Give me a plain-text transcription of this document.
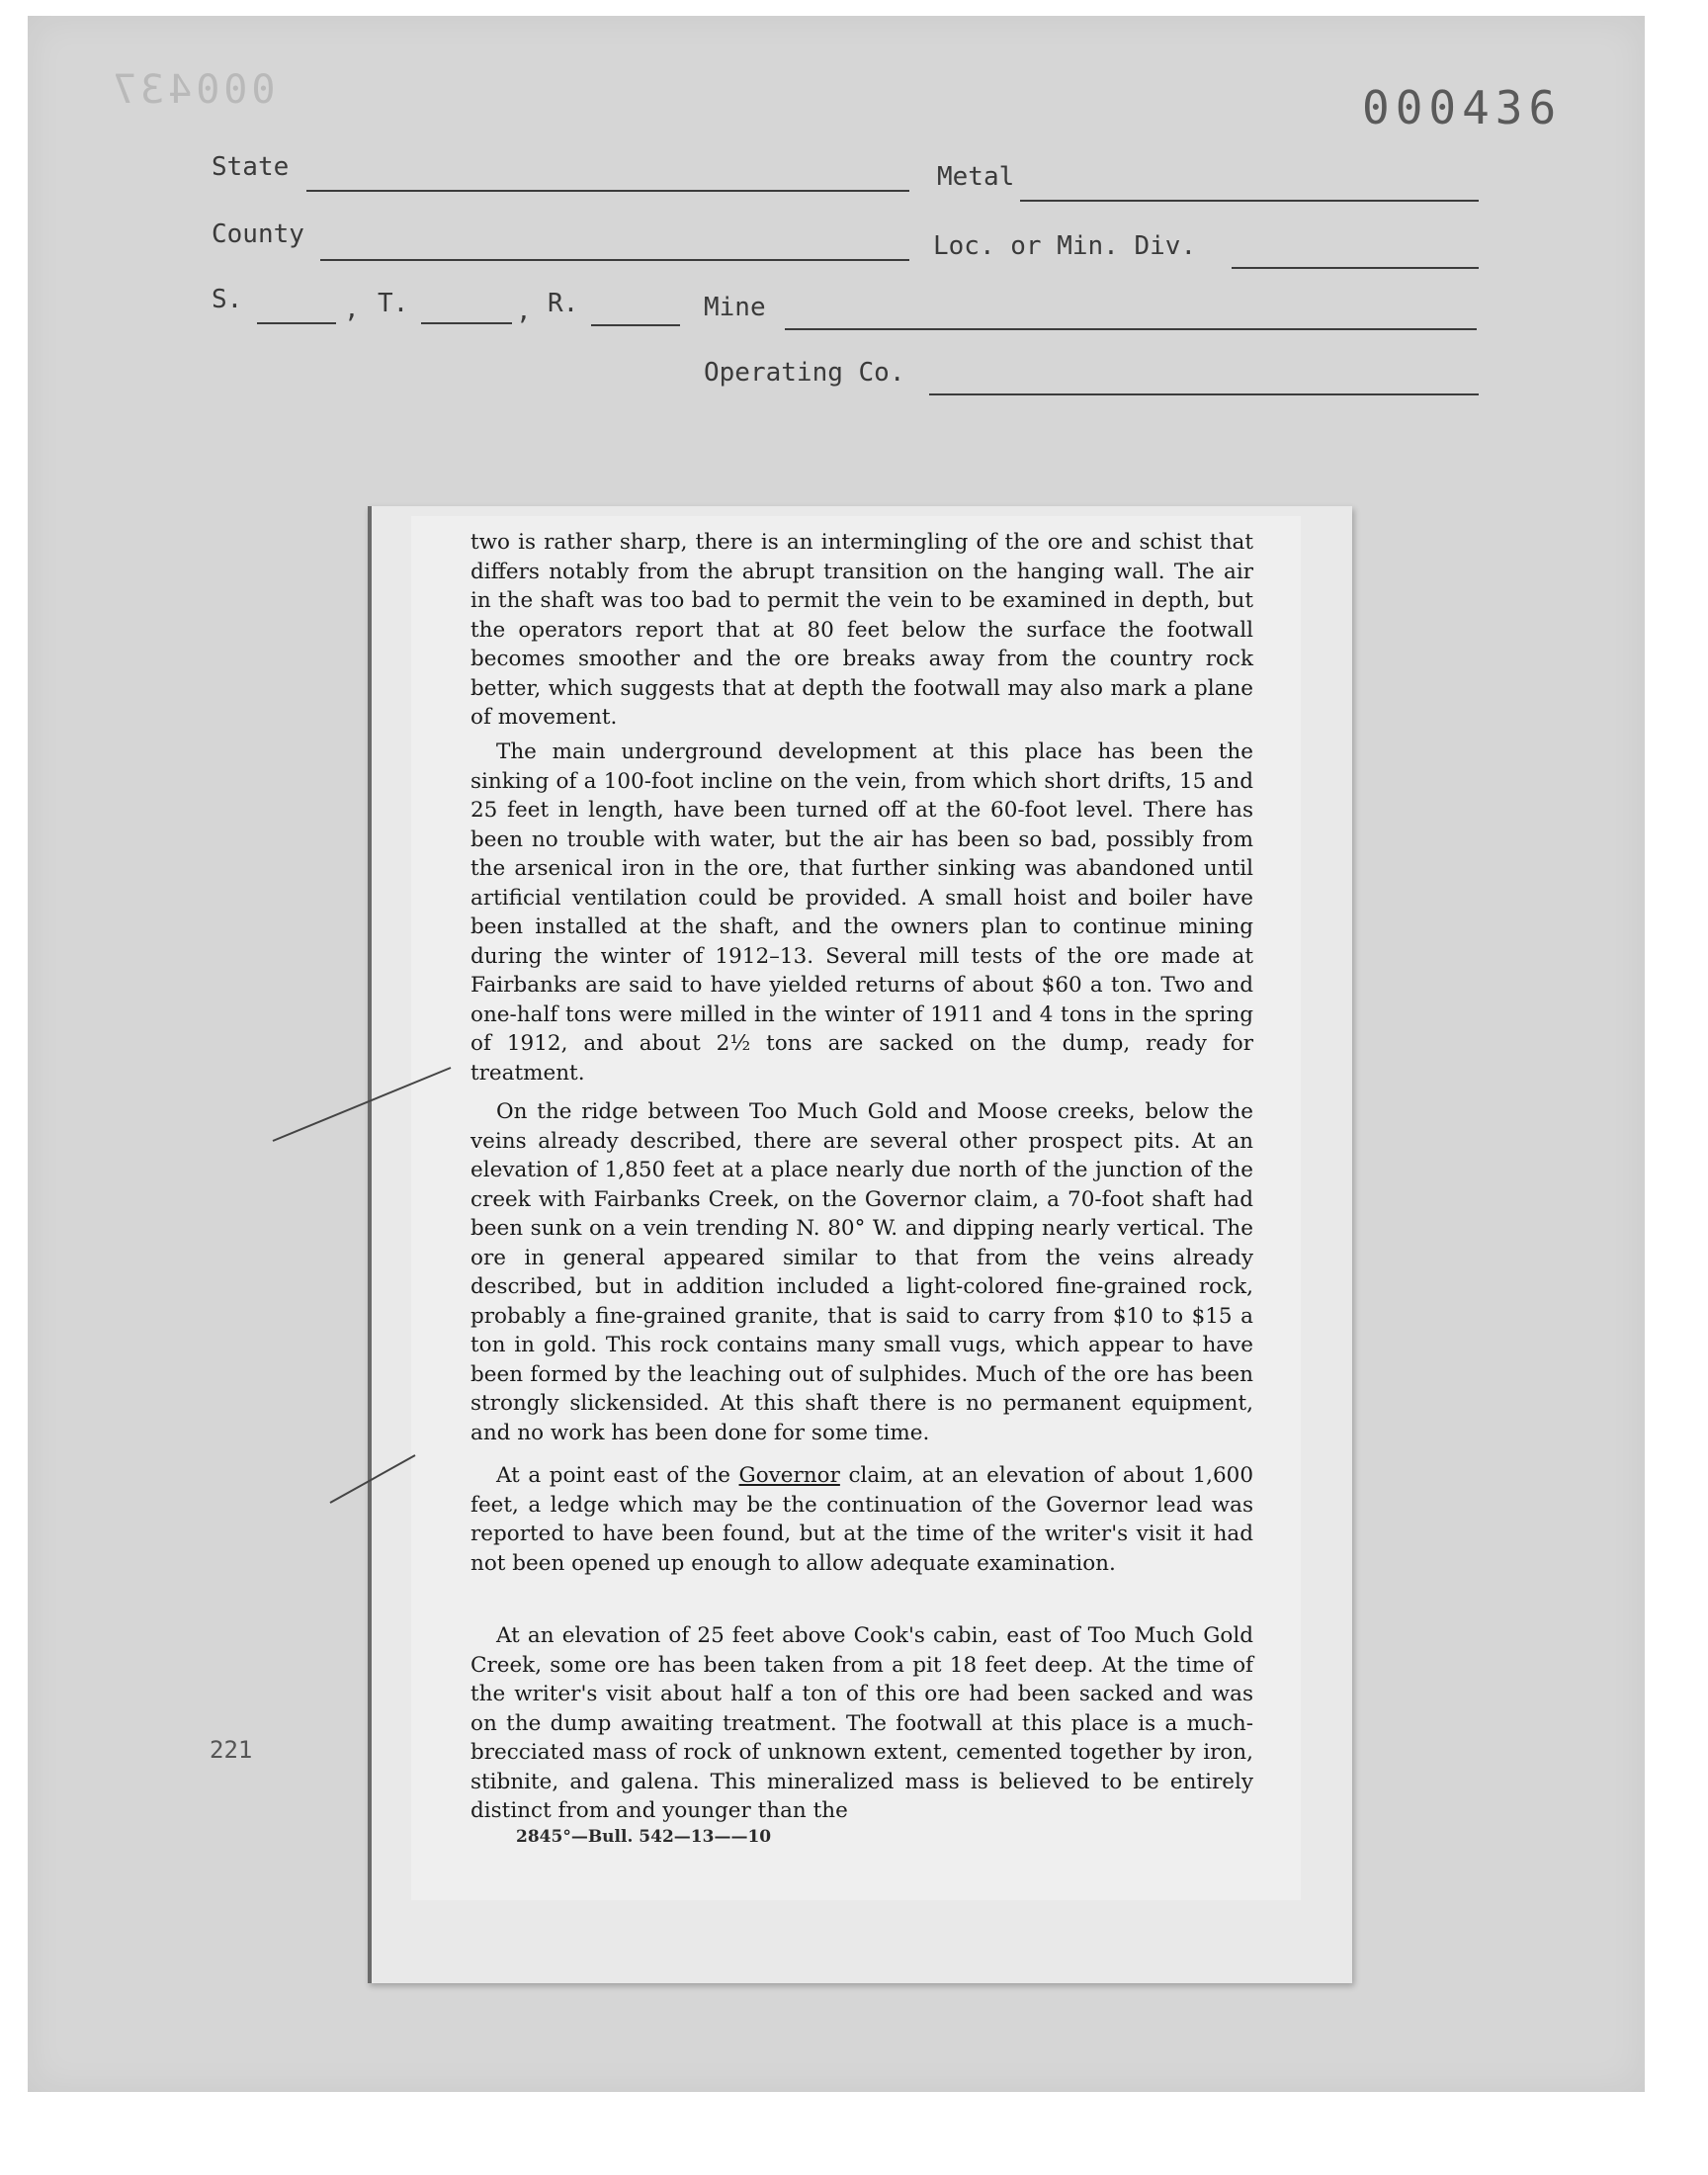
000437	000436
State	Metal
County	Loc. or Min. Div.
S.	, T.	, R.	Mine
Operating Co.
two is rather sharp, there is an intermingling of the ore and schist that differs notably from the abrupt transition on the hanging wall. The air in the shaft was too bad to permit the vein to be examined in depth, but the operators report that at 80 feet below the surface the footwall becomes smoother and the ore breaks away from the country rock better, which suggests that at depth the footwall may also mark a plane of movement.
The main underground development at this place has been the sinking of a 100-foot incline on the vein, from which short drifts, 15 and 25 feet in length, have been turned off at the 60-foot level. There has been no trouble with water, but the air has been so bad, possibly from the arsenical iron in the ore, that further sinking was abandoned until artificial ventilation could be provided. A small hoist and boiler have been installed at the shaft, and the owners plan to continue mining during the winter of 1912–13. Several mill tests of the ore made at Fairbanks are said to have yielded returns of about $60 a ton. Two and one-half tons were milled in the winter of 1911 and 4 tons in the spring of 1912, and about 2½ tons are sacked on the dump, ready for treatment.
On the ridge between Too Much Gold and Moose creeks, below the veins already described, there are several other prospect pits. At an elevation of 1,850 feet at a place nearly due north of the junction of the creek with Fairbanks Creek, on the Governor claim, a 70-foot shaft had been sunk on a vein trending N. 80° W. and dipping nearly vertical. The ore in general appeared similar to that from the veins already described, but in addition included a light-colored fine-grained rock, probably a fine-grained granite, that is said to carry from $10 to $15 a ton in gold. This rock contains many small vugs, which appear to have been formed by the leaching out of sulphides. Much of the ore has been strongly slickensided. At this shaft there is no permanent equipment, and no work has been done for some time.
At a point east of the Governor claim, at an elevation of about 1,600 feet, a ledge which may be the continuation of the Governor lead was reported to have been found, but at the time of the writer's visit it had not been opened up enough to allow adequate examination.
At an elevation of 25 feet above Cook's cabin, east of Too Much Gold Creek, some ore has been taken from a pit 18 feet deep. At the time of the writer's visit about half a ton of this ore had been sacked and was on the dump awaiting treatment. The footwall at this place is a much-brecciated mass of rock of unknown extent, cemented together by iron, stibnite, and galena. This mineralized mass is believed to be entirely distinct from and younger than the
2845°—Bull. 542—13——10
221
